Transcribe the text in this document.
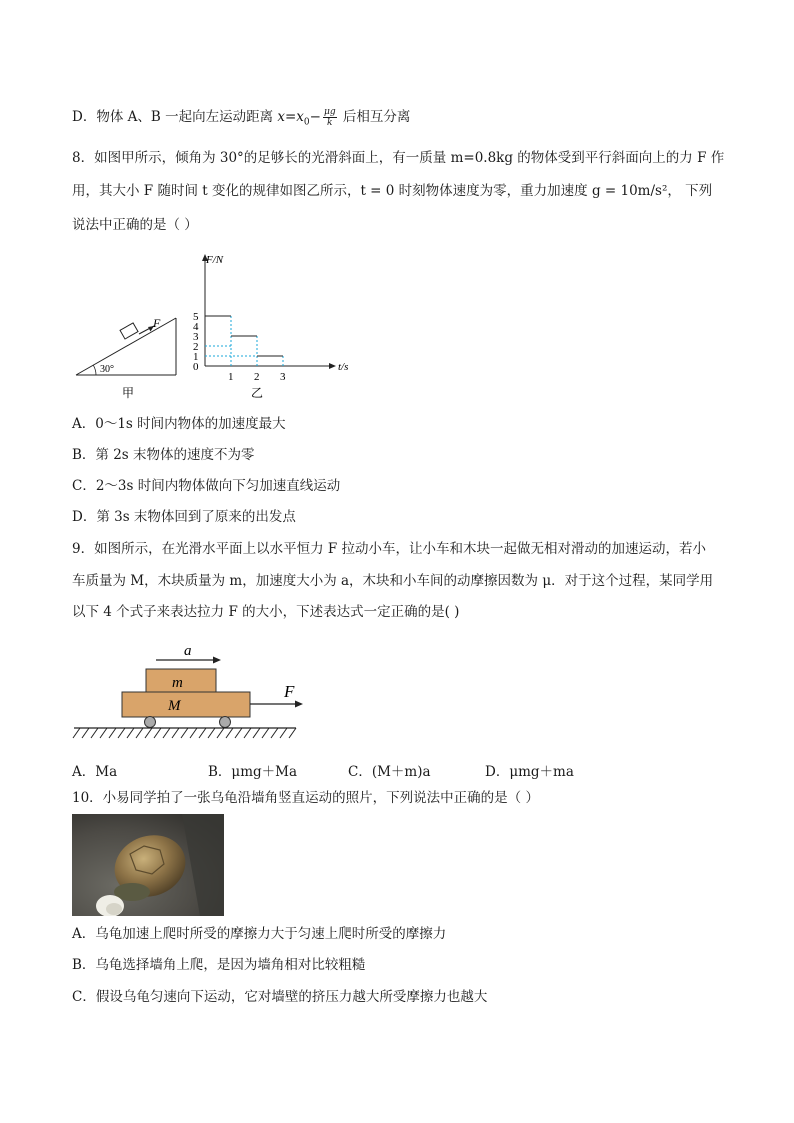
D．物体 A、B 一起向左运动距离 $x=x_0- \frac{\mu g}{k}$ 后相互分离
8．如图甲所示，倾角为 30°的足够长的光滑斜面上，有一质量 m=0.8kg 的物体受到平行斜面向上的力 F 作
用，其大小 F 随时间 t 变化的规律如图乙所示，t = 0 时刻物体速度为零，重力加速度 g = 10m/s²， 下列
说法中正确的是（ ）
30°
F
甲
F/N
t/s
5
4
3
2
1
0
1 2 3
乙
A．0～1s 时间内物体的加速度最大
B．第 2s 末物体的速度不为零
C．2～3s 时间内物体做向下匀加速直线运动
D．第 3s 末物体回到了原来的出发点
9．如图所示，在光滑水平面上以水平恒力 F 拉动小车，让小车和木块一起做无相对滑动的加速运动，若小
车质量为 M，木块质量为 m，加速度大小为 a，木块和小车间的动摩擦因数为 μ．对于这个过程，某同学用
以下 4 个式子来表达拉力 F 的大小，下述表达式一定正确的是( )
a
m
M
F
A．Ma	B．μmg＋Ma	C．(M＋m)a	D．μmg＋ma
10．小易同学拍了一张乌龟沿墙角竖直运动的照片，下列说法中正确的是（ ）
A．乌龟加速上爬时所受的摩擦力大于匀速上爬时所受的摩擦力
B．乌龟选择墙角上爬，是因为墙角相对比较粗糙
C．假设乌龟匀速向下运动，它对墙壁的挤压力越大所受摩擦力也越大
